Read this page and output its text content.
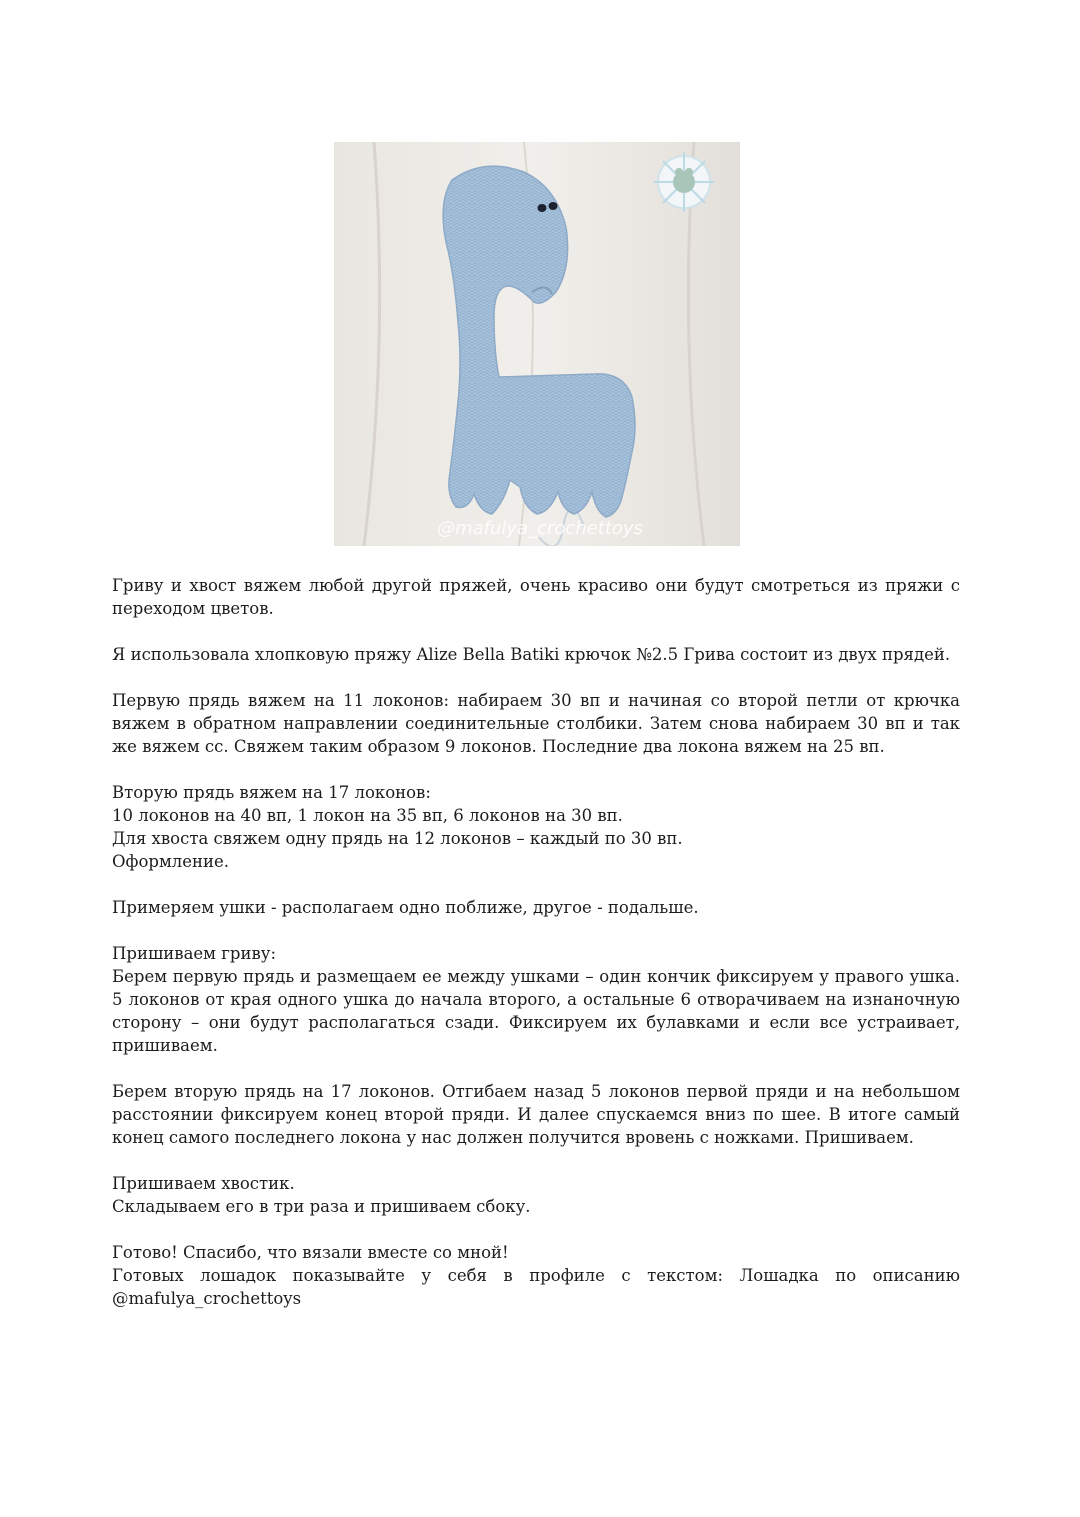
@mafulya_crochettoys

Гриву и хвост вяжем любой другой пряжей, очень красиво они будут смотреться из пряжи с переходом цветов.

Я использовала хлопковую пряжу Alize Bella Batiki крючок №2.5 Грива состоит из двух прядей.

Первую прядь вяжем на 11 локонов: набираем 30 вп и начиная со второй петли от крючка вяжем в обратном направлении соединительные столбики. Затем снова набираем 30 вп и так же вяжем сс. Свяжем таким образом 9 локонов. Последние два локона вяжем на 25 вп.

Вторую прядь вяжем на 17 локонов:
10 локонов на 40 вп, 1 локон на 35 вп, 6 локонов на 30 вп.
Для хвоста свяжем одну прядь на 12 локонов – каждый по 30 вп.
Оформление.

Примеряем ушки - располагаем одно поближе, другое - подальше.

Пришиваем гриву:
Берем первую прядь и размещаем ее между ушками – один кончик фиксируем у правого ушка. 5 локонов от края одного ушка до начала второго, а остальные 6 отворачиваем на изнаночную сторону – они будут располагаться сзади. Фиксируем их булавками и если все устраивает, пришиваем.

Берем вторую прядь на 17 локонов. Отгибаем назад 5 локонов первой пряди и на небольшом расстоянии фиксируем конец второй пряди. И далее спускаемся вниз по шее. В итоге самый конец самого последнего локона у нас должен получится вровень с ножками. Пришиваем.

Пришиваем хвостик.
Складываем его в три раза и пришиваем сбоку.

Готово! Спасибо, что вязали вместе со мной!
Готовых лошадок показывайте у себя в профиле с текстом: Лошадка по описанию @mafulya_crochettoys
